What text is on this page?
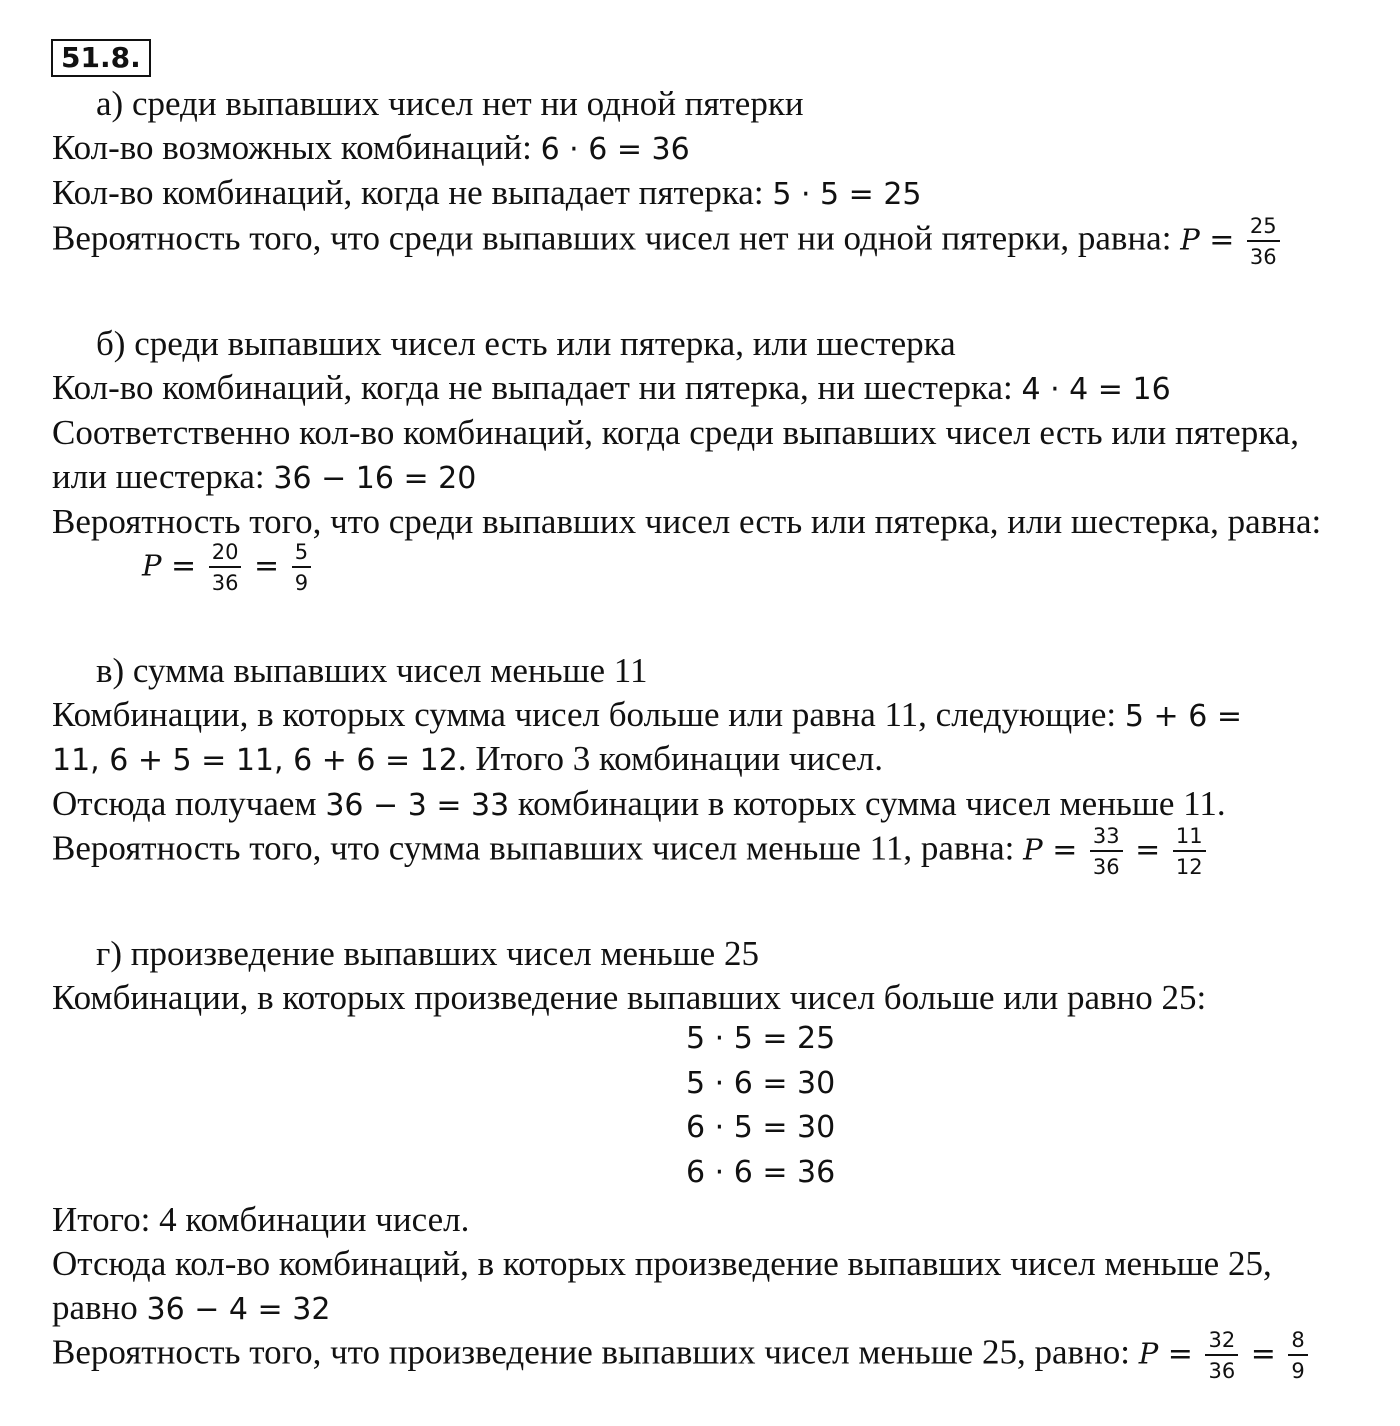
51.8.
а) среди выпавших чисел нет ни одной пятерки
Кол-во возможных комбинаций: 6 · 6 = 36
Кол-во комбинаций, когда не выпадает пятерка: 5 · 5 = 25
Вероятность того, что среди выпавших чисел нет ни одной пятерки, равна: $P = \frac{25}{36}$
б) среди выпавших чисел есть или пятерка, или шестерка
Кол-во комбинаций, когда не выпадает ни пятерка, ни шестерка: 4 · 4 = 16
Соответственно кол-во комбинаций, когда среди выпавших чисел есть или пятерка,
или шестерка: 36 − 16 = 20
Вероятность того, что среди выпавших чисел есть или пятерка, или шестерка, равна:
$P = \frac{20}{36} = \frac{5}{9}$
в) сумма выпавших чисел меньше 11
Комбинации, в которых сумма чисел больше или равна 11, следующие: 5 + 6 =
11, 6 + 5 = 11, 6 + 6 = 12. Итого 3 комбинации чисел.
Отсюда получаем 36 − 3 = 33 комбинации в которых сумма чисел меньше 11.
Вероятность того, что сумма выпавших чисел меньше 11, равна: $P = \frac{33}{36} = \frac{11}{12}$
г) произведение выпавших чисел меньше 25
Комбинации, в которых произведение выпавших чисел больше или равно 25:
5 · 5 = 25
5 · 6 = 30
6 · 5 = 30
6 · 6 = 36
Итого: 4 комбинации чисел.
Отсюда кол-во комбинаций, в которых произведение выпавших чисел меньше 25,
равно 36 − 4 = 32
Вероятность того, что произведение выпавших чисел меньше 25, равно: $P = \frac{32}{36} = \frac{8}{9}$
